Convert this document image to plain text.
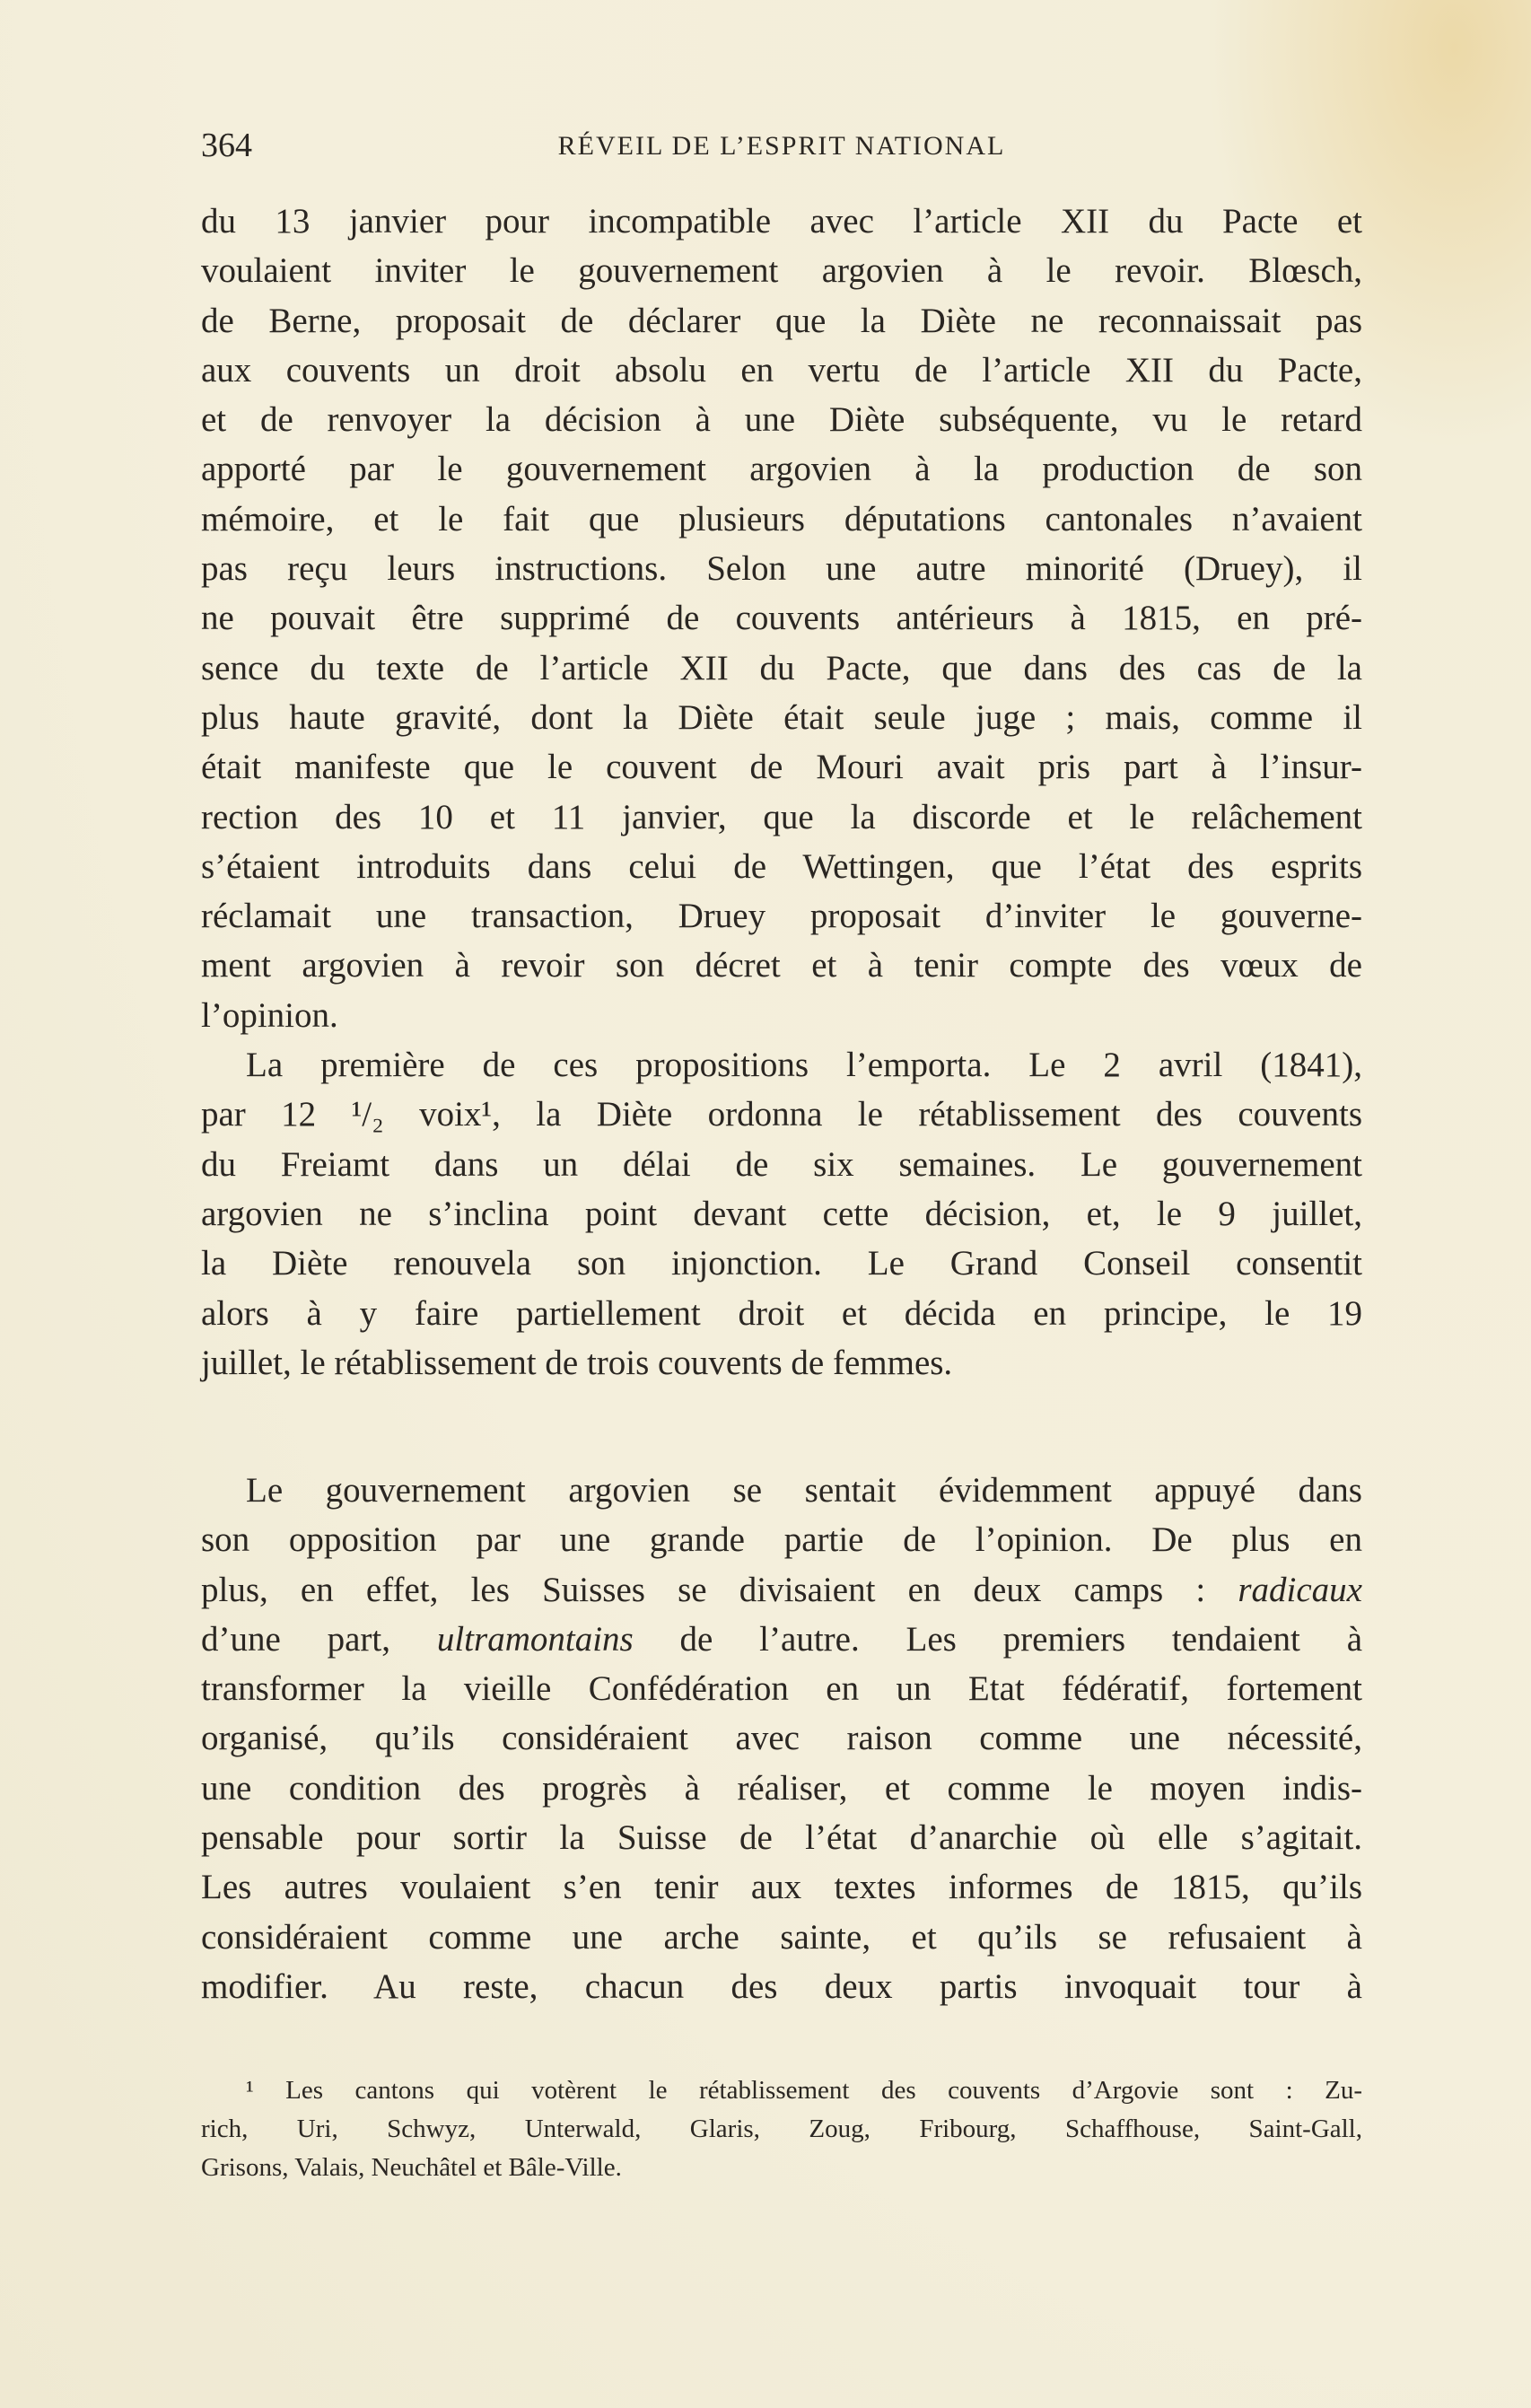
364	RÉVEIL DE L’ESPRIT NATIONAL
du 13 janvier pour incompatible avec l’article XII du Pacte et
voulaient inviter le gouvernement argovien à le revoir. Blœsch,
de Berne, proposait de déclarer que la Diète ne reconnaissait pas
aux couvents un droit absolu en vertu de l’article XII du Pacte,
et de renvoyer la décision à une Diète subséquente, vu le retard
apporté par le gouvernement argovien à la production de son
mémoire, et le fait que plusieurs députations cantonales n’avaient
pas reçu leurs instructions. Selon une autre minorité (Druey), il
ne pouvait être supprimé de couvents antérieurs à 1815, en pré-
sence du texte de l’article XII du Pacte, que dans des cas de la
plus haute gravité, dont la Diète était seule juge ; mais, comme il
était manifeste que le couvent de Mouri avait pris part à l’insur-
rection des 10 et 11 janvier, que la discorde et le relâchement
s’étaient introduits dans celui de Wettingen, que l’état des esprits
réclamait une transaction, Druey proposait d’inviter le gouverne-
ment argovien à revoir son décret et à tenir compte des vœux de
l’opinion.
La première de ces propositions l’emporta. Le 2 avril (1841),
par 12 ¹/₂ voix¹, la Diète ordonna le rétablissement des couvents
du Freiamt dans un délai de six semaines. Le gouvernement
argovien ne s’inclina point devant cette décision, et, le 9 juillet,
la Diète renouvela son injonction. Le Grand Conseil consentit
alors à y faire partiellement droit et décida en principe, le 19
juillet, le rétablissement de trois couvents de femmes.
Le gouvernement argovien se sentait évidemment appuyé dans
son opposition par une grande partie de l’opinion. De plus en
plus, en effet, les Suisses se divisaient en deux camps : radicaux
d’une part, ultramontains de l’autre. Les premiers tendaient à
transformer la vieille Confédération en un Etat fédératif, fortement
organisé, qu’ils considéraient avec raison comme une nécessité,
une condition des progrès à réaliser, et comme le moyen indis-
pensable pour sortir la Suisse de l’état d’anarchie où elle s’agitait.
Les autres voulaient s’en tenir aux textes informes de 1815, qu’ils
considéraient comme une arche sainte, et qu’ils se refusaient à
modifier. Au reste, chacun des deux partis invoquait tour à
¹ Les cantons qui votèrent le rétablissement des couvents d’Argovie sont : Zu-
rich, Uri, Schwyz, Unterwald, Glaris, Zoug, Fribourg, Schaffhouse, Saint-Gall,
Grisons, Valais, Neuchâtel et Bâle-Ville.
